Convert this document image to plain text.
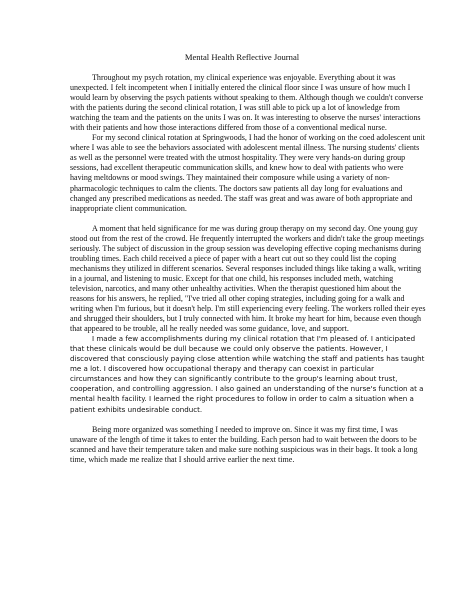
Mental Health Reflective Journal

Throughout my psych rotation, my clinical experience was enjoyable. Everything about it was unexpected. I felt incompetent when I initially entered the clinical floor since I was unsure of how much I would learn by observing the psych patients without speaking to them. Although though we couldn't converse with the patients during the second clinical rotation, I was still able to pick up a lot of knowledge from watching the team and the patients on the units I was on. It was interesting to observe the nurses' interactions with their patients and how those interactions differed from those of a conventional medical nurse.

For my second clinical rotation at Springwoods, I had the honor of working on the coed adolescent unit where I was able to see the behaviors associated with adolescent mental illness. The nursing students' clients as well as the personnel were treated with the utmost hospitality. They were very hands-on during group sessions, had excellent therapeutic communication skills, and knew how to deal with patients who were having meltdowns or mood swings. They maintained their composure while using a variety of non-pharmacologic techniques to calm the clients. The doctors saw patients all day long for evaluations and changed any prescribed medications as needed. The staff was great and was aware of both appropriate and inappropriate client communication.

A moment that held significance for me was during group therapy on my second day. One young guy stood out from the rest of the crowd. He frequently interrupted the workers and didn't take the group meetings seriously. The subject of discussion in the group session was developing effective coping mechanisms during troubling times. Each child received a piece of paper with a heart cut out so they could list the coping mechanisms they utilized in different scenarios. Several responses included things like taking a walk, writing in a journal, and listening to music. Except for that one child, his responses included meth, watching television, narcotics, and many other unhealthy activities. When the therapist questioned him about the reasons for his answers, he replied, "I've tried all other coping strategies, including going for a walk and writing when I'm furious, but it doesn't help. I'm still experiencing every feeling. The workers rolled their eyes and shrugged their shoulders, but I truly connected with him. It broke my heart for him, because even though that appeared to be trouble, all he really needed was some guidance, love, and support.

I made a few accomplishments during my clinical rotation that I'm pleased of. I anticipated that these clinicals would be dull because we could only observe the patients. However, I discovered that consciously paying close attention while watching the staff and patients has taught me a lot. I discovered how occupational therapy and therapy can coexist in particular circumstances and how they can significantly contribute to the group's learning about trust, cooperation, and controlling aggression. I also gained an understanding of the nurse's function at a mental health facility. I learned the right procedures to follow in order to calm a situation when a patient exhibits undesirable conduct.

Being more organized was something I needed to improve on. Since it was my first time, I was unaware of the length of time it takes to enter the building. Each person had to wait between the doors to be scanned and have their temperature taken and make sure nothing suspicious was in their bags. It took a long time, which made me realize that I should arrive earlier the next time.
